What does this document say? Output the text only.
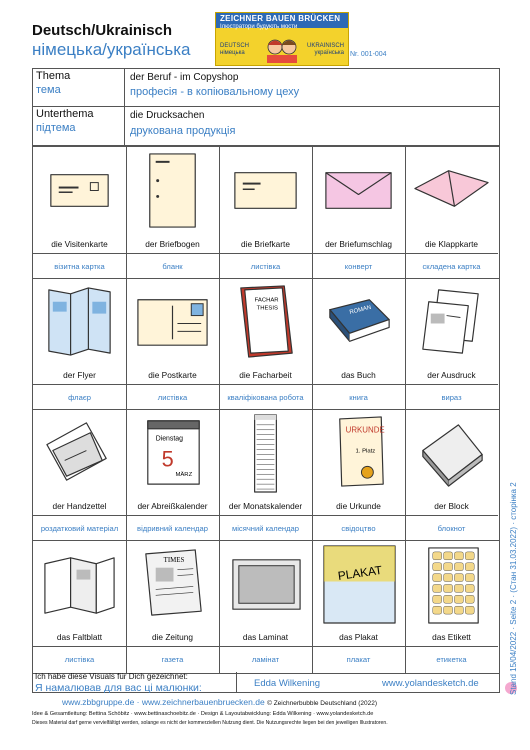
Deutsch/Ukrainisch
німецька/українська
ZEICHNER BAUEN BRÜCKEN
Ілюстратори будують мости
DEUTSCH
німецька
UKRAINISCH
українська Nr. 001-004
Thema
тема
der Beruf - im Copyshop
професія - в копіювальному цеху
Unterthema
підтема
die Drucksachen
друкована продукція
die Visitenkarte
візитна картка
der Briefbogen
бланк
die Briefkarte
листівка
der Briefumschlag
конверт
die Klappkarte
складена картка
der Flyer
флаєр
die Postkarte
листівка
FACHAR
THESIS
die Facharbeit
кваліфікована робота
ROMAN
das Buch
книга
der Ausdruck
вираз
der Handzettel
роздатковий матеріал
Dienstag
5
MÄRZ
der Abreißkalender
відривний календар
der Monatskalender
місячний календар
URKUNDE
1. Platz
die Urkunde
свідоцтво
der Block
блокнот
das Faltblatt
листівка
TIMES
die Zeitung
газета
das Laminat
ламінат
PLAKAT
das Plakat
плакат
das Etikett
етикетка
Ich habe diese Visuals für Dich gezeichnet:
Я намалював для вас ці малюнки:	Edda Wilkening	www.yolandesketch.de
www.zbbgruppe.de · www.zeichnerbauenbruecken.de © Zeichnerbubble Deutschland (2022)
Idee & Gesamtleitung: Bettina Schöbitz · www.bettinaschoebitz.de · Design & Layoutabwicklung: Edda Wilkening · www.yolandesketch.de
Dieses Material darf gerne vervielfältigt werden, solange es nicht der kommerziellen Nutzung dient. Die Nutzungsrechte liegen bei den jeweiligen Illustratoren.
Stand 15/04/2022 · Seite 2 · (Стан 31.03.2022) · сторінка 2
